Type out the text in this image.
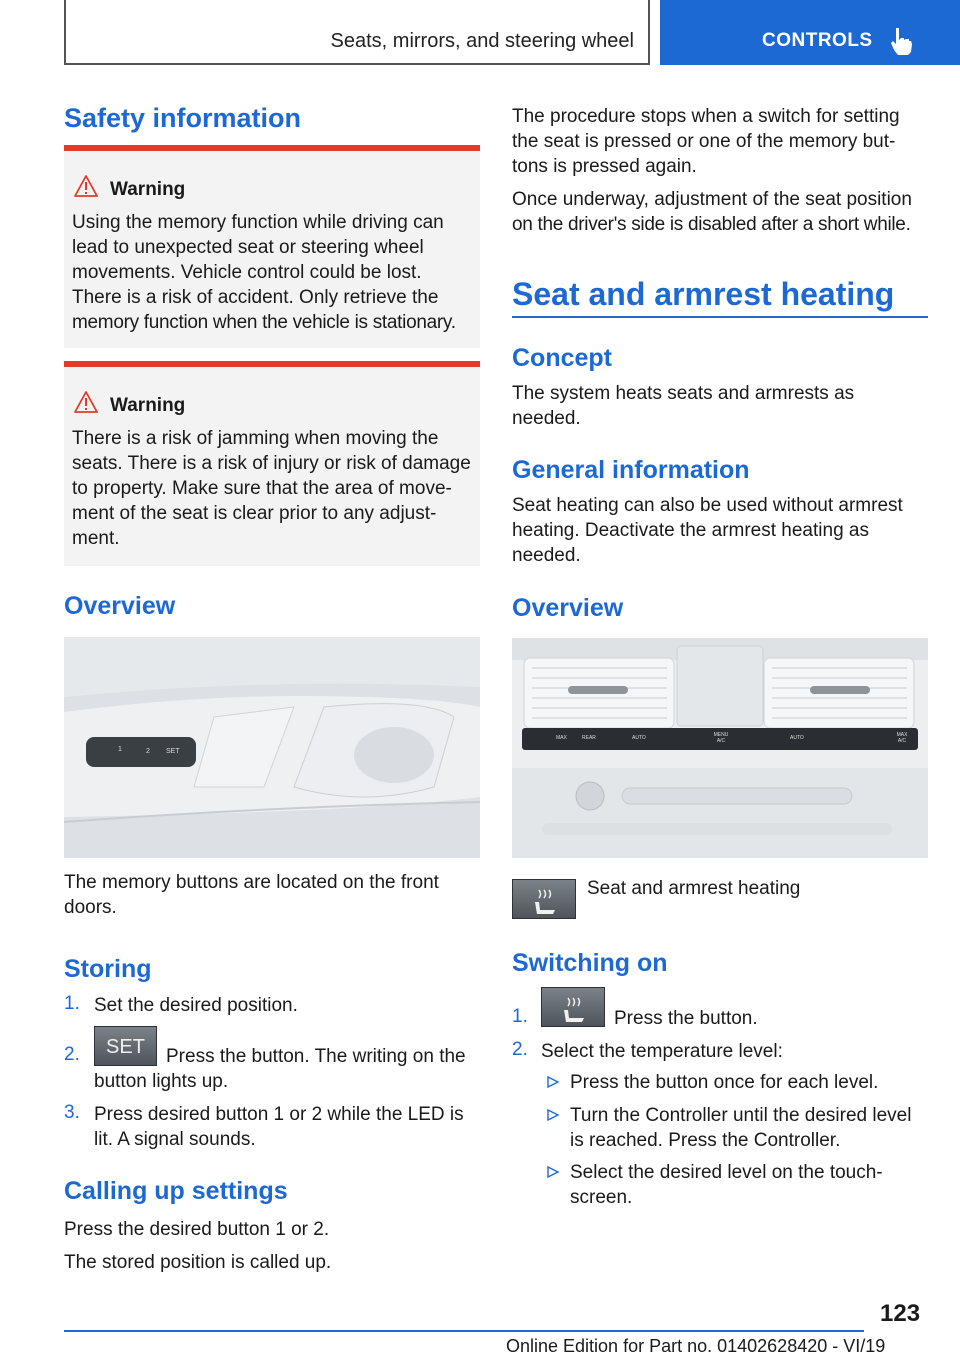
Seats, mirrors, and steering wheel	CONTROLS
Safety information
Warning
Using the memory function while driving can
lead to unexpected seat or steering wheel
movements. Vehicle control could be lost.
There is a risk of accident. Only retrieve the
memory function when the vehicle is stationary.
Warning
There is a risk of jamming when moving the
seats. There is a risk of injury or risk of damage
to property. Make sure that the area of move-
ment of the seat is clear prior to any adjust-
ment.
Overview
1	2 SET
The memory buttons are located on the front
doors.
Storing
1. Set the desired position.
2.	SET	Press the button. The writing on the
button lights up.
3. Press desired button 1 or 2 while the LED is
lit. A signal sounds.
Calling up settings
Press the desired button 1 or 2.
The stored position is called up.
The procedure stops when a switch for setting
the seat is pressed or one of the memory but-
tons is pressed again.
Once underway, adjustment of the seat position
on the driver's side is disabled after a short while.
Seat and armrest heating
Concept
The system heats seats and armrests as
needed.
General information
Seat heating can also be used without armrest
heating. Deactivate the armrest heating as
needed.
Overview
MAX	REAR	AUTO	MENU A/C	AUTO	MAX A/C
Seat and armrest heating
Switching on
1.	Press the button.
2. Select the temperature level:
Press the button once for each level.
Turn the Controller until the desired level
is reached. Press the Controller.
Select the desired level on the touch-
screen.
123
Online Edition for Part no. 01402628420 - VI/19
